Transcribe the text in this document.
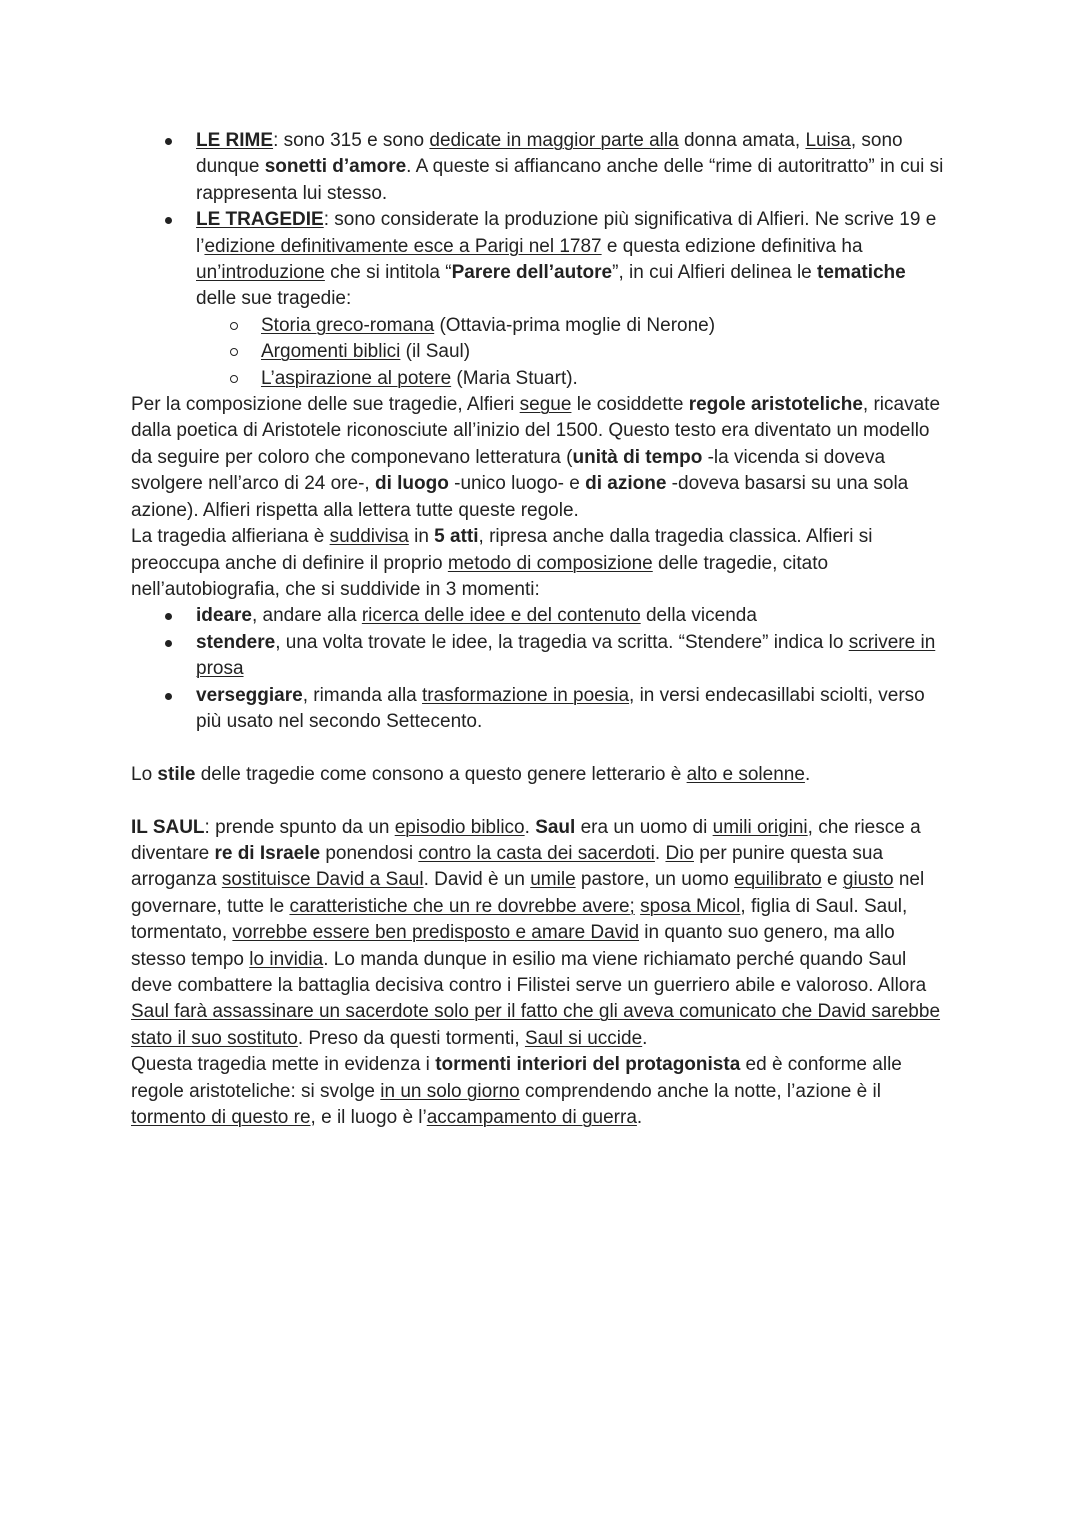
LE RIME: sono 315 e sono dedicate in maggior parte alla donna amata, Luisa, sono dunque sonetti d’amore. A queste si affiancano anche delle “rime di autoritratto” in cui si rappresenta lui stesso.
LE TRAGEDIE: sono considerate la produzione più significativa di Alfieri. Ne scrive 19 e l’edizione definitivamente esce a Parigi nel 1787 e questa edizione definitiva ha un’introduzione che si intitola “Parere dell’autore”, in cui Alfieri delinea le tematiche delle sue tragedie:
Storia greco-romana (Ottavia-prima moglie di Nerone)
Argomenti biblici (il Saul)
L’aspirazione al potere (Maria Stuart).

Per la composizione delle sue tragedie, Alfieri segue le cosiddette regole aristoteliche, ricavate dalla poetica di Aristotele riconosciute all’inizio del 1500. Questo testo era diventato un modello da seguire per coloro che componevano letteratura (unità di tempo -la vicenda si doveva svolgere nell’arco di 24 ore-, di luogo -unico luogo- e di azione -doveva basarsi su una sola azione). Alfieri rispetta alla lettera tutte queste regole.

La tragedia alfieriana è suddivisa in 5 atti, ripresa anche dalla tragedia classica. Alfieri si preoccupa anche di definire il proprio metodo di composizione delle tragedie, citato nell’autobiografia, che si suddivide in 3 momenti:

ideare, andare alla ricerca delle idee e del contenuto della vicenda
stendere, una volta trovate le idee, la tragedia va scritta. “Stendere” indica lo scrivere in prosa
verseggiare, rimanda alla trasformazione in poesia, in versi endecasillabi sciolti, verso più usato nel secondo Settecento.

Lo stile delle tragedie come consono a questo genere letterario è alto e solenne.

IL SAUL: prende spunto da un episodio biblico. Saul era un uomo di umili origini, che riesce a diventare re di Israele ponendosi contro la casta dei sacerdoti. Dio per punire questa sua arroganza sostituisce David a Saul. David è un umile pastore, un uomo equilibrato e giusto nel governare, tutte le caratteristiche che un re dovrebbe avere; sposa Micol, figlia di Saul. Saul, tormentato, vorrebbe essere ben predisposto e amare David in quanto suo genero, ma allo stesso tempo lo invidia. Lo manda dunque in esilio ma viene richiamato perché quando Saul deve combattere la battaglia decisiva contro i Filistei serve un guerriero abile e valoroso. Allora Saul farà assassinare un sacerdote solo per il fatto che gli aveva comunicato che David sarebbe stato il suo sostituto. Preso da questi tormenti, Saul si uccide.

Questa tragedia mette in evidenza i tormenti interiori del protagonista ed è conforme alle regole aristoteliche: si svolge in un solo giorno comprendendo anche la notte, l’azione è il tormento di questo re, e il luogo è l’accampamento di guerra.
